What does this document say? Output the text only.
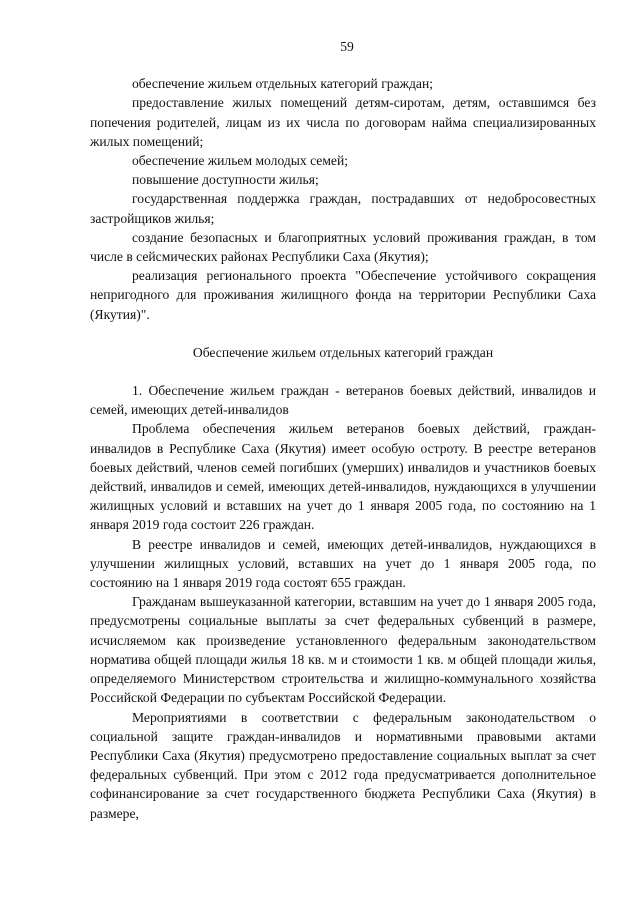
59

обеспечение жильем отдельных категорий граждан;

предоставление жилых помещений детям-сиротам, детям, оставшимся без попечения родителей, лицам из их числа по договорам найма специализированных жилых помещений;

обеспечение жильем молодых семей;

повышение доступности жилья;

государственная поддержка граждан, пострадавших от недобросовестных застройщиков жилья;

создание безопасных и благоприятных условий проживания граждан, в том числе в сейсмических районах Республики Саха (Якутия);

реализация регионального проекта "Обеспечение устойчивого сокращения непригодного для проживания жилищного фонда на территории Республики Саха (Якутия)".

Обеспечение жильем отдельных категорий граждан

1. Обеспечение жильем граждан - ветеранов боевых действий, инвалидов и семей, имеющих детей-инвалидов

Проблема обеспечения жильем ветеранов боевых действий, граждан-инвалидов в Республике Саха (Якутия) имеет особую остроту. В реестре ветеранов боевых действий, членов семей погибших (умерших) инвалидов и участников боевых действий, инвалидов и семей, имеющих детей-инвалидов, нуждающихся в улучшении жилищных условий и вставших на учет до 1 января 2005 года, по состоянию на 1 января 2019 года состоит 226 граждан.

В реестре инвалидов и семей, имеющих детей-инвалидов, нуждающихся в улучшении жилищных условий, вставших на учет до 1 января 2005 года, по состоянию на 1 января 2019 года состоят 655 граждан.

Гражданам вышеуказанной категории, вставшим на учет до 1 января 2005 года, предусмотрены социальные выплаты за счет федеральных субвенций в размере, исчисляемом как произведение установленного федеральным законодательством норматива общей площади жилья 18 кв. м и стоимости 1 кв. м общей площади жилья, определяемого Министерством строительства и жилищно-коммунального хозяйства Российской Федерации по субъектам Российской Федерации.

Мероприятиями в соответствии с федеральным законодательством о социальной защите граждан-инвалидов и нормативными правовыми актами Республики Саха (Якутия) предусмотрено предоставление социальных выплат за счет федеральных субвенций. При этом с 2012 года предусматривается дополнительное софинансирование за счет государственного бюджета Республики Саха (Якутия) в размере,
